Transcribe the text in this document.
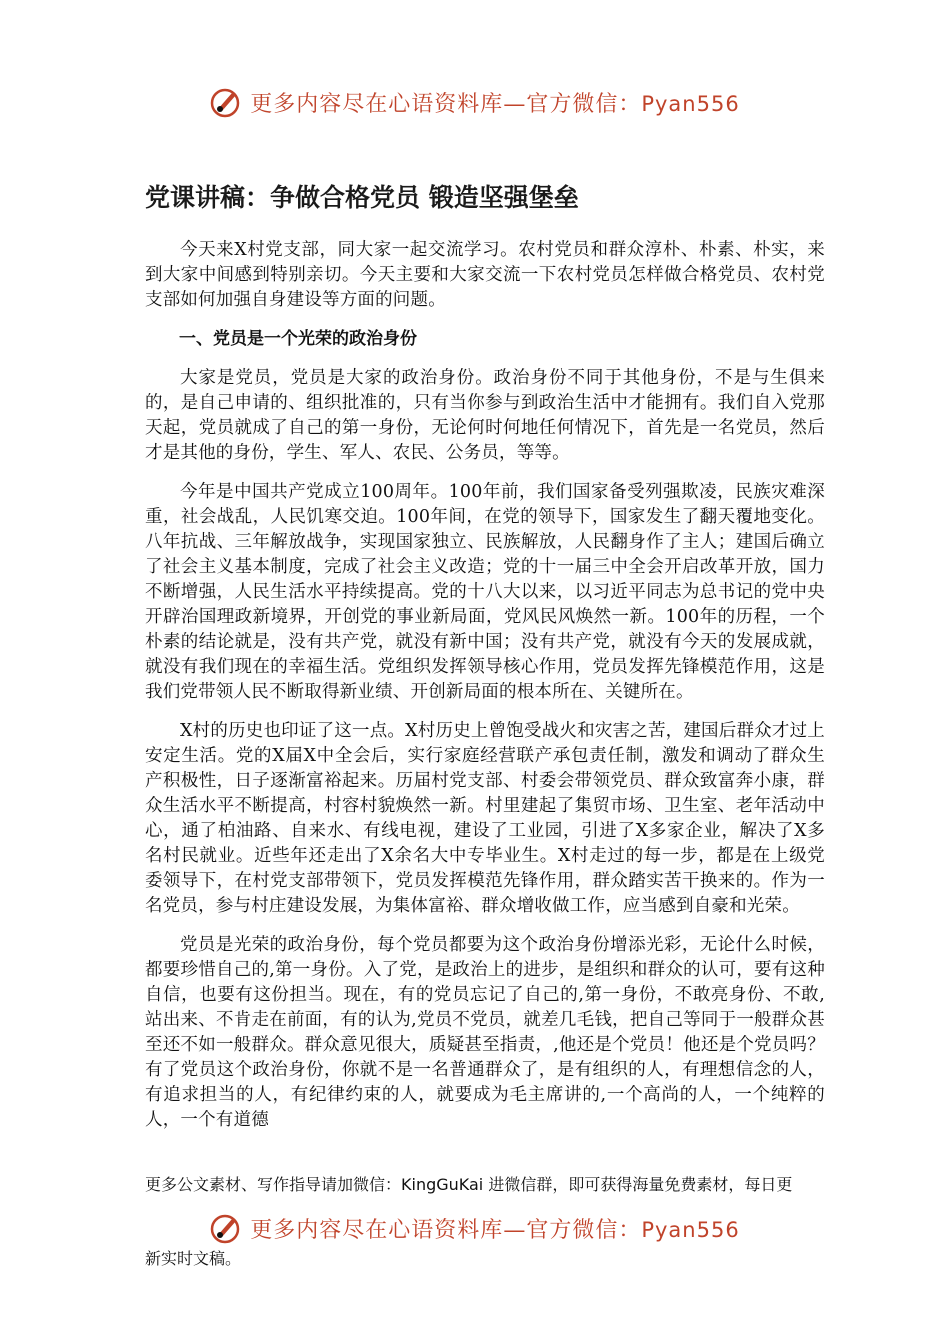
更多内容尽在心语资料库—官方微信：Pyan556
党课讲稿：争做合格党员 锻造坚强堡垒

今天来X村党支部，同大家一起交流学习。农村党员和群众淳朴、朴素、朴实，来到大家中间感到特别亲切。今天主要和大家交流一下农村党员怎样做合格党员、农村党支部如何加强自身建设等方面的问题。

一、党员是一个光荣的政治身份

大家是党员，党员是大家的政治身份。政治身份不同于其他身份，不是与生俱来的，是自己申请的、组织批准的，只有当你参与到政治生活中才能拥有。我们自入党那天起，党员就成了自己的第一身份，无论何时何地任何情况下，首先是一名党员，然后才是其他的身份，学生、军人、农民、公务员，等等。

今年是中国共产党成立100周年。100年前，我们国家备受列强欺凌，民族灾难深重，社会战乱，人民饥寒交迫。100年间，在党的领导下，国家发生了翻天覆地变化。八年抗战、三年解放战争，实现国家独立、民族解放，人民翻身作了主人；建国后确立了社会主义基本制度，完成了社会主义改造；党的十一届三中全会开启改革开放，国力不断增强，人民生活水平持续提高。党的十八大以来，以习近平同志为总书记的党中央开辟治国理政新境界，开创党的事业新局面，党风民风焕然一新。100年的历程，一个朴素的结论就是，没有共产党，就没有新中国；没有共产党，就没有今天的发展成就，就没有我们现在的幸福生活。党组织发挥领导核心作用，党员发挥先锋模范作用，这是我们党带领人民不断取得新业绩、开创新局面的根本所在、关键所在。

X村的历史也印证了这一点。X村历史上曾饱受战火和灾害之苦，建国后群众才过上安定生活。党的X届X中全会后，实行家庭经营联产承包责任制，激发和调动了群众生产积极性，日子逐渐富裕起来。历届村党支部、村委会带领党员、群众致富奔小康，群众生活水平不断提高，村容村貌焕然一新。村里建起了集贸市场、卫生室、老年活动中心，通了柏油路、自来水、有线电视，建设了工业园，引进了X多家企业，解决了X多名村民就业。近些年还走出了X余名大中专毕业生。X村走过的每一步，都是在上级党委领导下，在村党支部带领下，党员发挥模范先锋作用，群众踏实苦干换来的。作为一名党员，参与村庄建设发展，为集体富裕、群众增收做工作，应当感到自豪和光荣。

党员是光荣的政治身份，每个党员都要为这个政治身份增添光彩，无论什么时候，都要珍惜自己的,第一身份。入了党，是政治上的进步，是组织和群众的认可，要有这种自信，也要有这份担当。现在，有的党员忘记了自己的,第一身份，不敢亮身份、不敢,站出来、不肯走在前面，有的认为,党员不党员，就差几毛钱，把自己等同于一般群众甚至还不如一般群众。群众意见很大，质疑甚至指责，,他还是个党员！他还是个党员吗？有了党员这个政治身份，你就不是一名普通群众了，是有组织的人，有理想信念的人，有追求担当的人，有纪律约束的人，就要成为毛主席讲的,一个高尚的人，一个纯粹的人，一个有道德

更多公文素材、写作指导请加微信：KingGuKai 进微信群，即可获得海量免费素材，每日更
更多内容尽在心语资料库—官方微信：Pyan556
新实时文稿。
